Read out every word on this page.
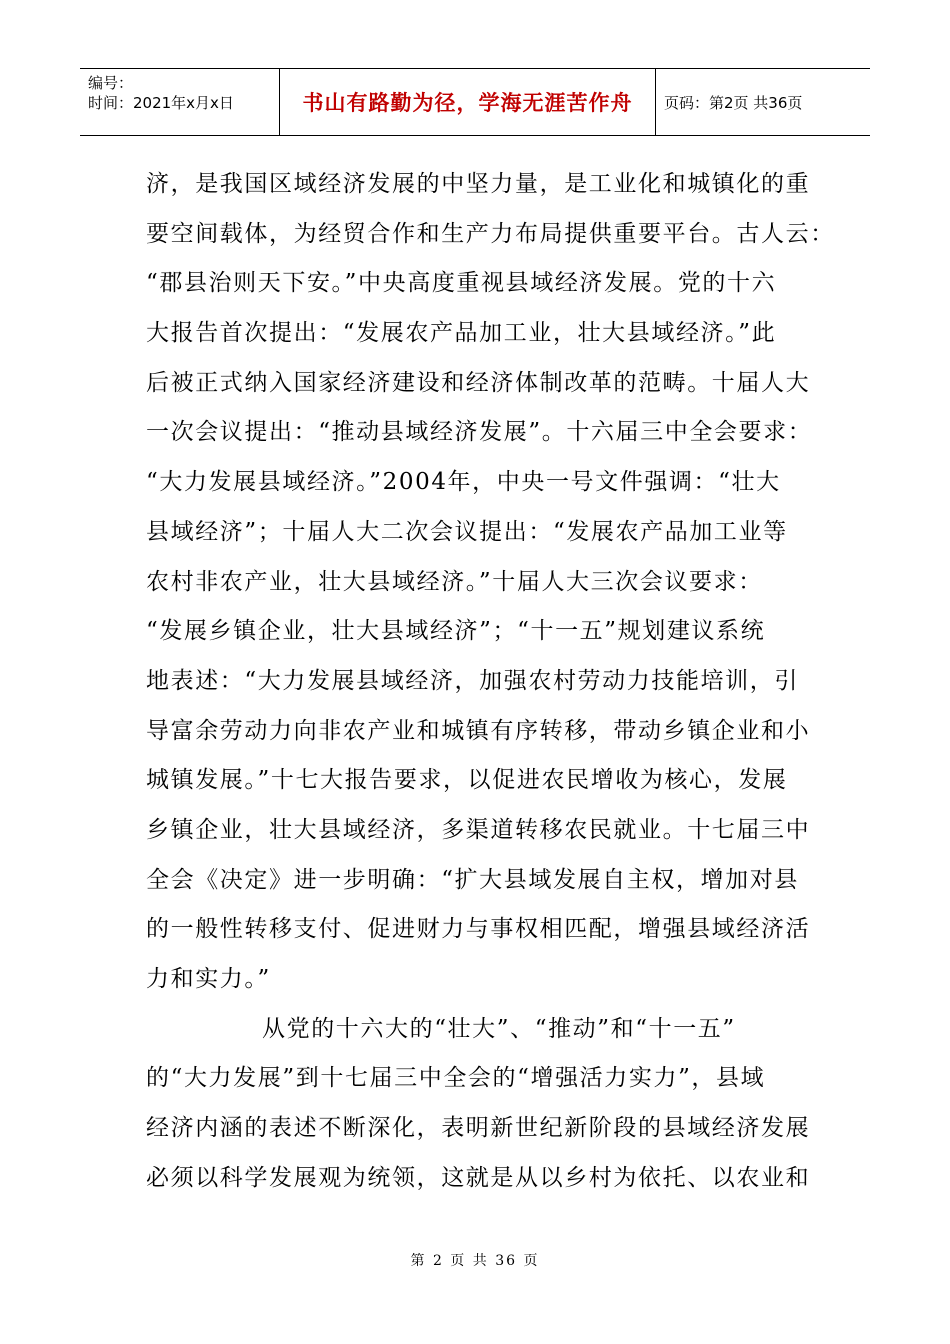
编号：
时间：2021年x月x日	书山有路勤为径，学海无涯苦作舟	页码：第2页 共36页
济，是我国区域经济发展的中坚力量，是工业化和城镇化的重
要空间载体，为经贸合作和生产力布局提供重要平台。古人云：
“郡县治则天下安。”中央高度重视县域经济发展。党的十六
大报告首次提出：“发展农产品加工业，壮大县域经济。”此
后被正式纳入国家经济建设和经济体制改革的范畴。十届人大
一次会议提出：“推动县域经济发展”。十六届三中全会要求：
“大力发展县域经济。”2004年，中央一号文件强调：“壮大
县域经济”；十届人大二次会议提出：“发展农产品加工业等
农村非农产业，壮大县域经济。”十届人大三次会议要求：
“发展乡镇企业，壮大县域经济”；“十一五”规划建议系统
地表述：“大力发展县域经济，加强农村劳动力技能培训，引
导富余劳动力向非农产业和城镇有序转移，带动乡镇企业和小
城镇发展。”十七大报告要求，以促进农民增收为核心，发展
乡镇企业，壮大县域经济，多渠道转移农民就业。十七届三中
全会《决定》进一步明确：“扩大县域发展自主权，增加对县
的一般性转移支付、促进财力与事权相匹配，增强县域经济活
力和实力。”
从党的十六大的“壮大”、“推动”和“十一五”
的“大力发展”到十七届三中全会的“增强活力实力”，县域
经济内涵的表述不断深化，表明新世纪新阶段的县域经济发展
必须以科学发展观为统领，这就是从以乡村为依托、以农业和
第 2 页 共 36 页
